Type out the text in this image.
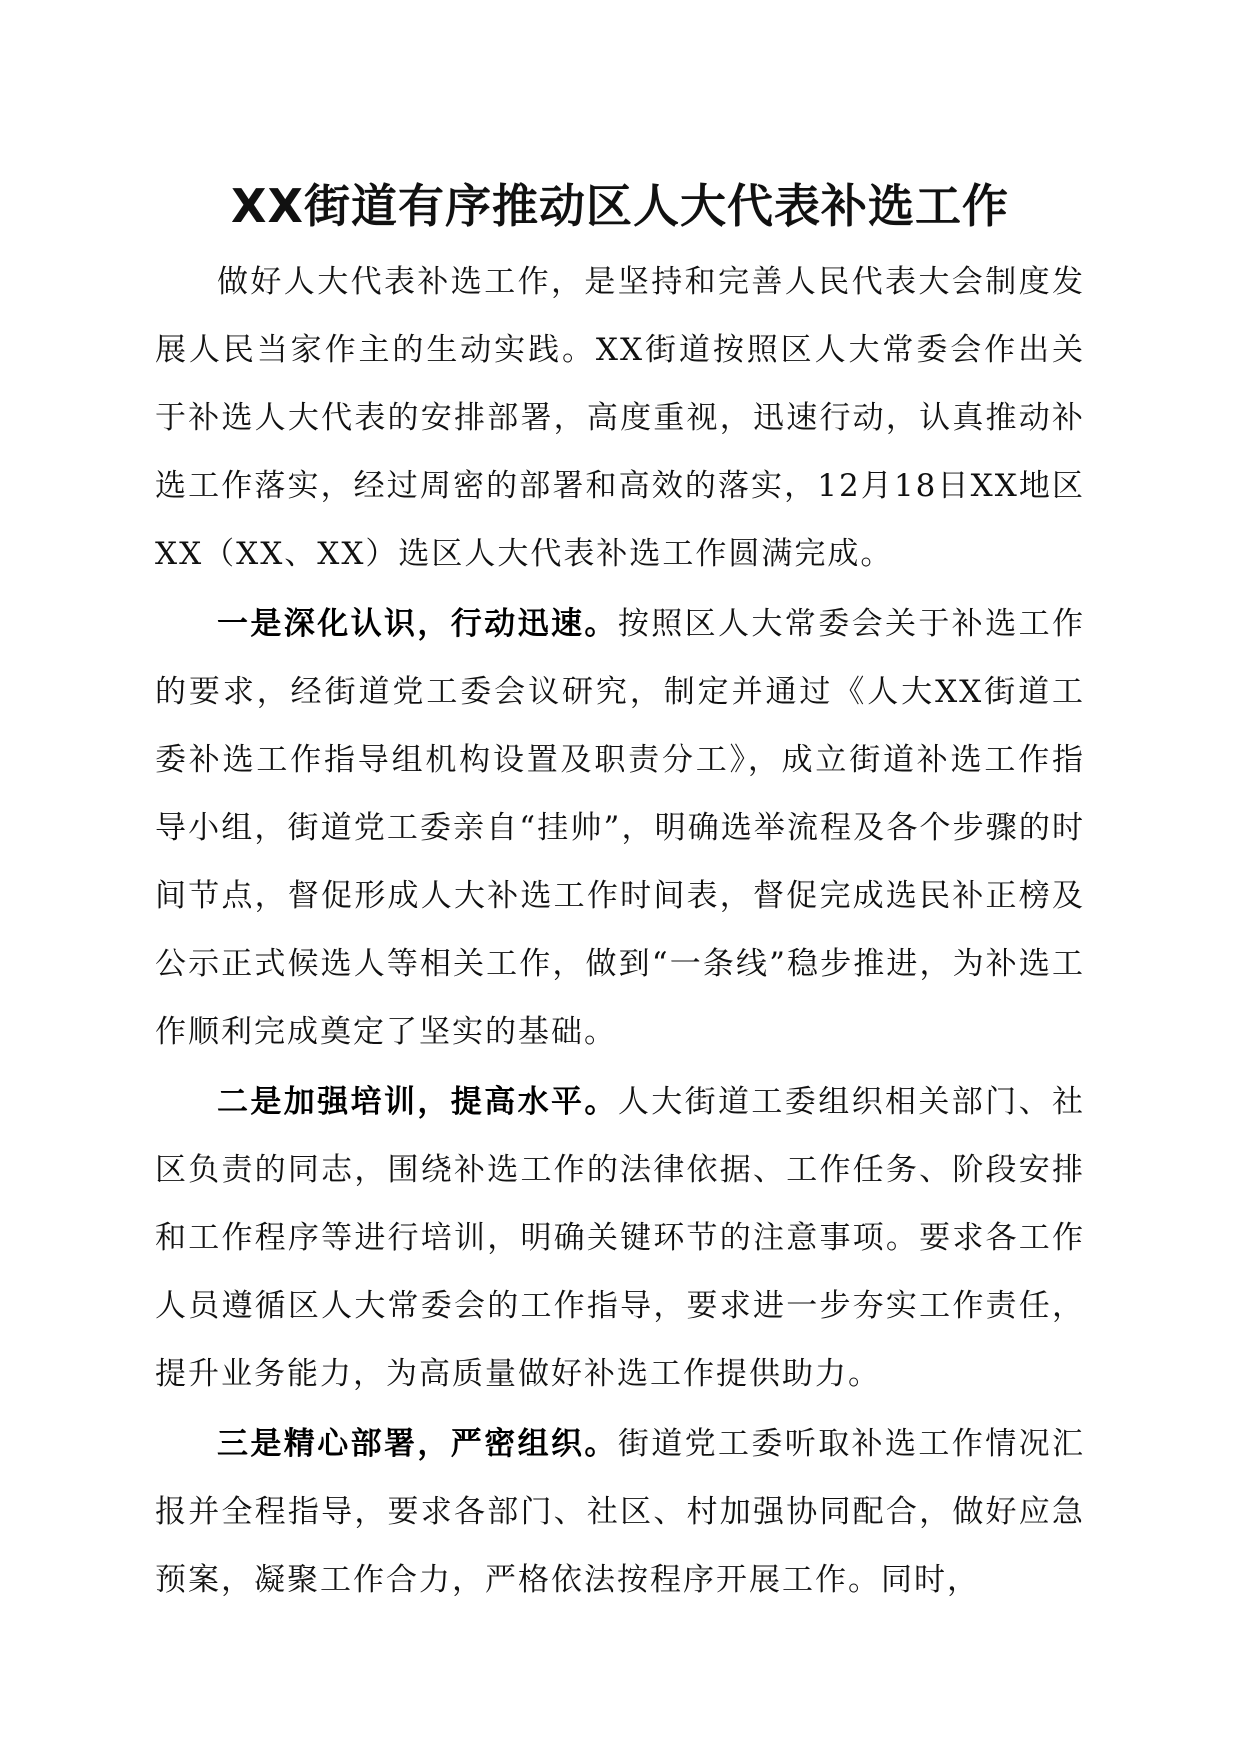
XX街道有序推动区人大代表补选工作

做好人大代表补选工作，是坚持和完善人民代表大会制度发展人民当家作主的生动实践。XX街道按照区人大常委会作出关于补选人大代表的安排部署，高度重视，迅速行动，认真推动补选工作落实，经过周密的部署和高效的落实，12月18日XX地区XX（XX、XX）选区人大代表补选工作圆满完成。

一是深化认识，行动迅速。按照区人大常委会关于补选工作的要求，经街道党工委会议研究，制定并通过《人大XX街道工委补选工作指导组机构设置及职责分工》，成立街道补选工作指导小组，街道党工委亲自“挂帅”，明确选举流程及各个步骤的时间节点，督促形成人大补选工作时间表，督促完成选民补正榜及公示正式候选人等相关工作，做到“一条线”稳步推进，为补选工作顺利完成奠定了坚实的基础。

二是加强培训，提高水平。人大街道工委组织相关部门、社区负责的同志，围绕补选工作的法律依据、工作任务、阶段安排和工作程序等进行培训，明确关键环节的注意事项。要求各工作人员遵循区人大常委会的工作指导，要求进一步夯实工作责任，提升业务能力，为高质量做好补选工作提供助力。

三是精心部署，严密组织。街道党工委听取补选工作情况汇报并全程指导，要求各部门、社区、村加强协同配合，做好应急预案，凝聚工作合力，严格依法按程序开展工作。同时，
